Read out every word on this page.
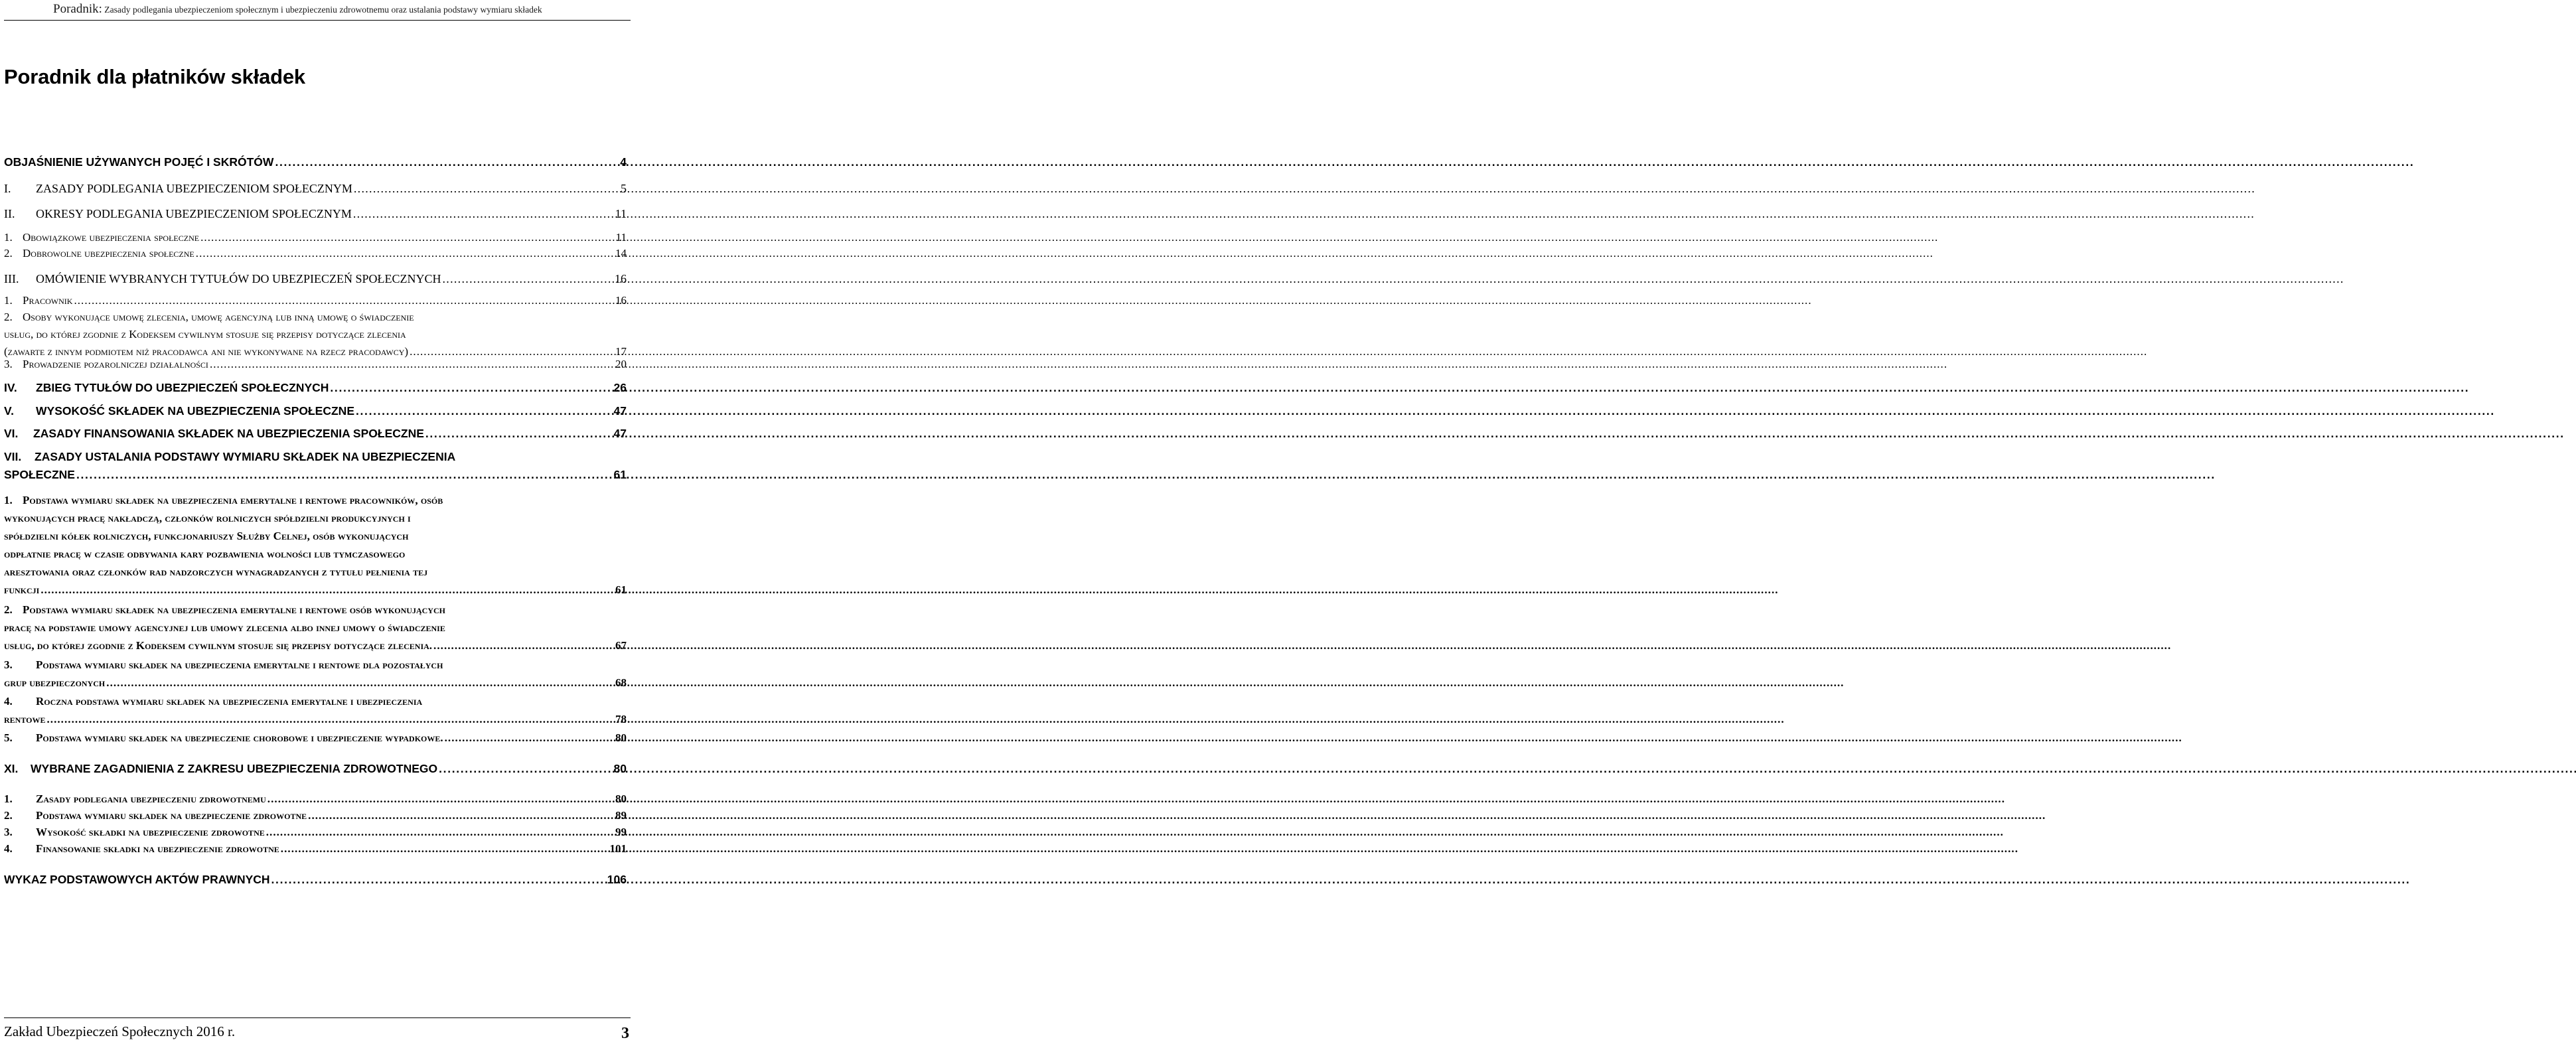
Poradnik: Zasady podlegania ubezpieczeniom społecznym i ubezpieczeniu zdrowotnemu oraz ustalania podstawy wymiaru składek
Poradnik dla płatników składek
OBJAŚNIENIE UŻYWANYCH POJĘĆ I SKRÓTÓW . . .	4
I.	ZASADY PODLEGANIA UBEZPIECZENIOM SPOŁECZNYM . . .	5
II.	OKRESY PODLEGANIA UBEZPIECZENIOM SPOŁECZNYM . . .	11
1. Obowiązkowe ubezpieczenia społeczne . . .	11
2. Dobrowolne ubezpieczenia społeczne . . .	14
III.	OMÓWIENIE WYBRANYCH TYTUŁÓW DO UBEZPIECZEŃ SPOŁECZNYCH . . .	16
1. Pracownik . . .	16
2. Osoby wykonujące umowę zlecenia, umowę agencyjną lub inną umowę o świadczenie
usług, do której zgodnie z Kodeksem cywilnym stosuje się przepisy dotyczące zlecenia
(zawarte z innym podmiotem niż pracodawca ani nie wykonywane na rzecz pracodawcy) . . .	17
3. Prowadzenie pozarolniczej działalności . . .	20
IV.	ZBIEG TYTUŁÓW DO UBEZPIECZEŃ SPOŁECZNYCH . . .	26
V.	WYSOKOŚĆ SKŁADEK NA UBEZPIECZENIA SPOŁECZNE . . .	47
VI.	ZASADY FINANSOWANIA SKŁADEK NA UBEZPIECZENIA SPOŁECZNE . . .	47
VII.	ZASADY USTALANIA PODSTAWY WYMIARU SKŁADEK NA UBEZPIECZENIA
SPOŁECZNE . . .	61
1. Podstawa wymiaru składek na ubezpieczenia emerytalne i rentowe pracowników, osób
wykonujących pracę nakładczą, członków rolniczych spółdzielni produkcyjnych i
spółdzielni kółek rolniczych, funkcjonariuszy Służby Celnej, osób wykonujących
odpłatnie pracę w czasie odbywania kary pozbawienia wolności lub tymczasowego
aresztowania oraz członków rad nadzorczych wynagradzanych z tytułu pełnienia tej
funkcji . . .	61
2. Podstawa wymiaru składek na ubezpieczenia emerytalne i rentowe osób wykonujących
pracę na podstawie umowy agencyjnej lub umowy zlecenia albo innej umowy o świadczenie
usług, do której zgodnie z Kodeksem cywilnym stosuje się przepisy dotyczące zlecenia. . . .	67
3.	Podstawa wymiaru składek na ubezpieczenia emerytalne i rentowe dla pozostałych
grup ubezpieczonych . . .	68
4.	Roczna podstawa wymiaru składek na ubezpieczenia emerytalne i ubezpieczenia
rentowe . . .	78
5.	Podstawa wymiaru składek na ubezpieczenie chorobowe i ubezpieczenie wypadkowe. . . .	80
XI.	WYBRANE ZAGADNIENIA Z ZAKRESU UBEZPIECZENIA ZDROWOTNEGO . . .	80
1.	Zasady podlegania ubezpieczeniu zdrowotnemu . . .	80
2.	Podstawa wymiaru składek na ubezpieczenie zdrowotne . . .	89
3.	Wysokość składki na ubezpieczenie zdrowotne . . .	99
4.	Finansowanie składki na ubezpieczenie zdrowotne . . .	101
WYKAZ PODSTAWOWYCH AKTÓW PRAWNYCH . . .	106
Zakład Ubezpieczeń Społecznych 2016 r.	3
